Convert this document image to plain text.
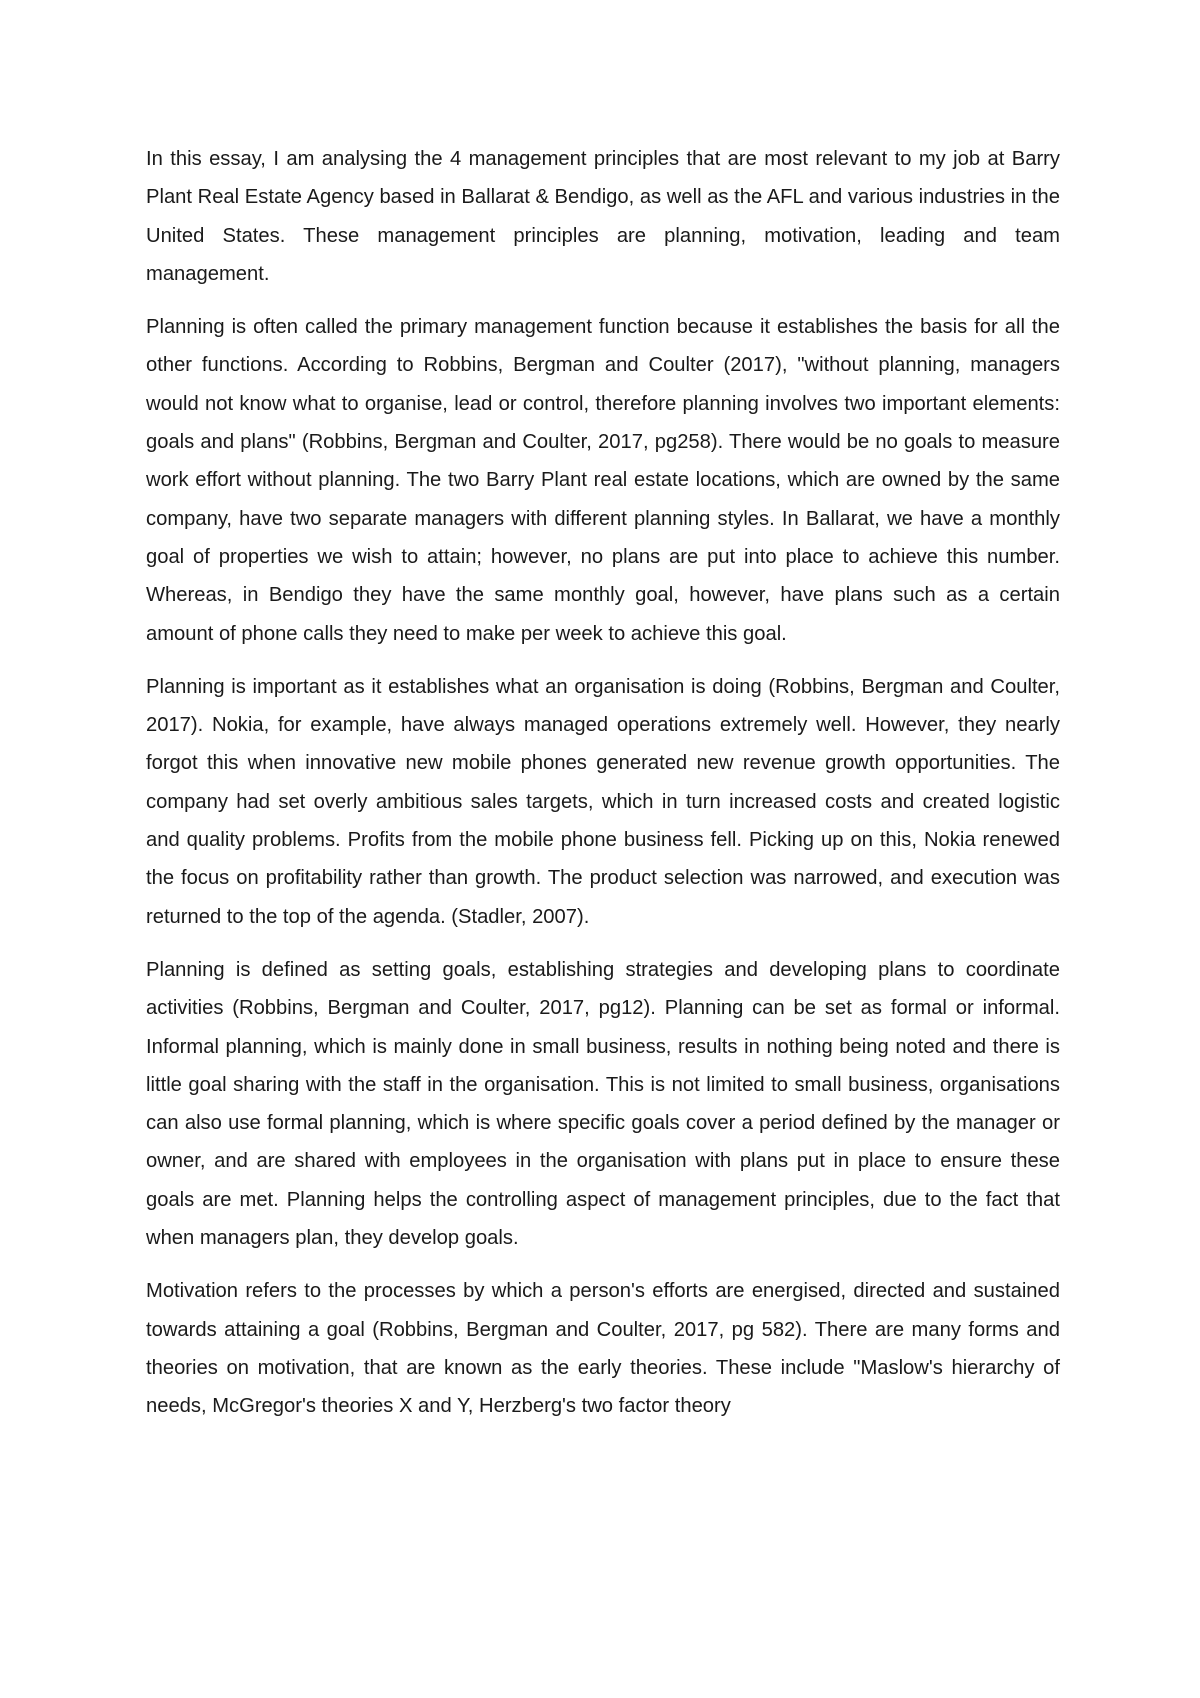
In this essay, I am analysing the 4 management principles that are most relevant to my job at Barry Plant Real Estate Agency based in Ballarat & Bendigo, as well as the AFL and various industries in the United States. These management principles are planning, motivation, leading and team management.

Planning is often called the primary management function because it establishes the basis for all the other functions. According to Robbins, Bergman and Coulter (2017), "without planning, managers would not know what to organise, lead or control, therefore planning involves two important elements: goals and plans" (Robbins, Bergman and Coulter, 2017, pg258). There would be no goals to measure work effort without planning. The two Barry Plant real estate locations, which are owned by the same company, have two separate managers with different planning styles. In Ballarat, we have a monthly goal of properties we wish to attain; however, no plans are put into place to achieve this number. Whereas, in Bendigo they have the same monthly goal, however, have plans such as a certain amount of phone calls they need to make per week to achieve this goal.

Planning is important as it establishes what an organisation is doing (Robbins, Bergman and Coulter, 2017). Nokia, for example, have always managed operations extremely well. However, they nearly forgot this when innovative new mobile phones generated new revenue growth opportunities. The company had set overly ambitious sales targets, which in turn increased costs and created logistic and quality problems. Profits from the mobile phone business fell. Picking up on this, Nokia renewed the focus on profitability rather than growth. The product selection was narrowed, and execution was returned to the top of the agenda. (Stadler, 2007).

Planning is defined as setting goals, establishing strategies and developing plans to coordinate activities (Robbins, Bergman and Coulter, 2017, pg12). Planning can be set as formal or informal. Informal planning, which is mainly done in small business, results in nothing being noted and there is little goal sharing with the staff in the organisation. This is not limited to small business, organisations can also use formal planning, which is where specific goals cover a period defined by the manager or owner, and are shared with employees in the organisation with plans put in place to ensure these goals are met. Planning helps the controlling aspect of management principles, due to the fact that when managers plan, they develop goals.

Motivation refers to the processes by which a person's efforts are energised, directed and sustained towards attaining a goal (Robbins, Bergman and Coulter, 2017, pg 582). There are many forms and theories on motivation, that are known as the early theories. These include "Maslow's hierarchy of needs, McGregor's theories X and Y, Herzberg's two factor theory
